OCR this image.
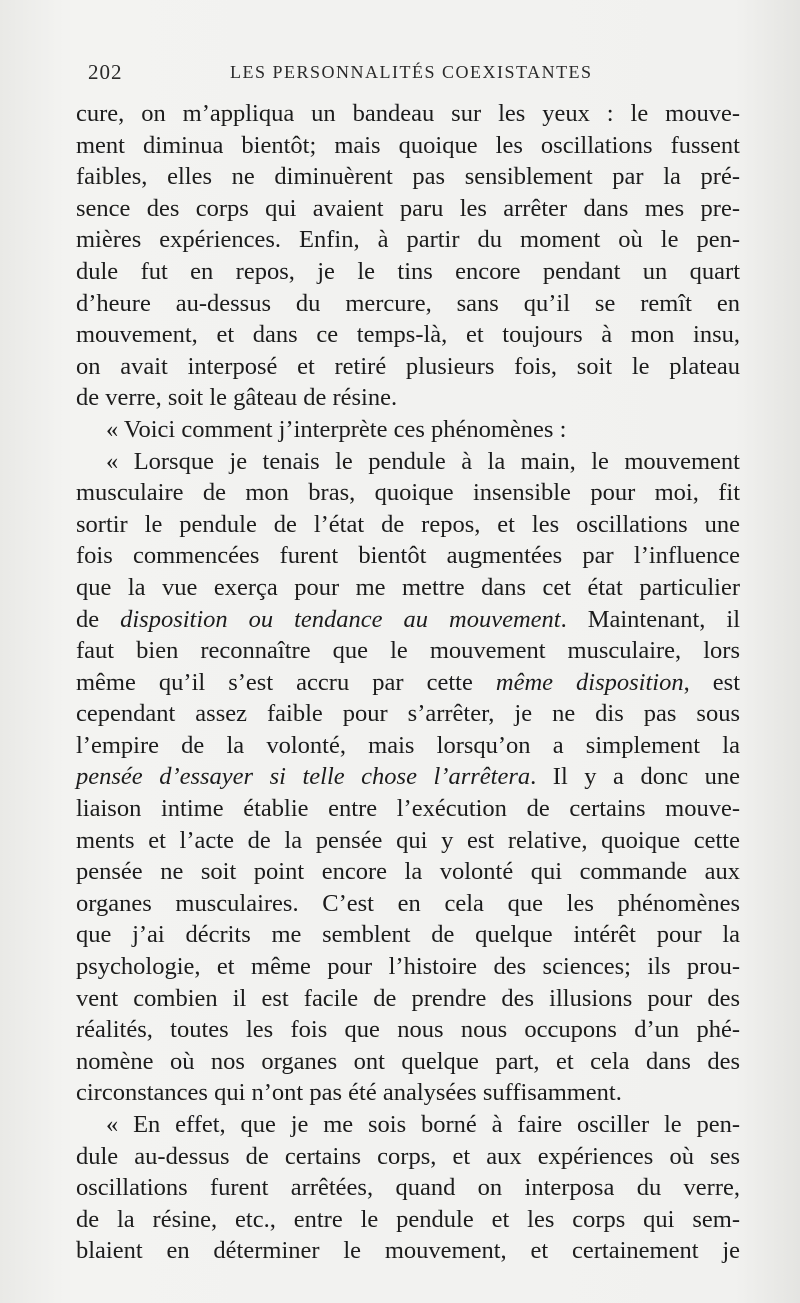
202	LES PERSONNALITÉS COEXISTANTES
cure, on m’appliqua un bandeau sur les yeux : le mouve-
ment diminua bientôt; mais quoique les oscillations fussent
faibles, elles ne diminuèrent pas sensiblement par la pré-
sence des corps qui avaient paru les arrêter dans mes pre-
mières expériences. Enfin, à partir du moment où le pen-
dule fut en repos, je le tins encore pendant un quart
d’heure au-dessus du mercure, sans qu’il se remît en
mouvement, et dans ce temps-là, et toujours à mon insu,
on avait interposé et retiré plusieurs fois, soit le plateau
de verre, soit le gâteau de résine.
« Voici comment j’interprète ces phénomènes :
« Lorsque je tenais le pendule à la main, le mouvement
musculaire de mon bras, quoique insensible pour moi, fit
sortir le pendule de l’état de repos, et les oscillations une
fois commencées furent bientôt augmentées par l’influence
que la vue exerça pour me mettre dans cet état particulier
de disposition ou tendance au mouvement. Maintenant, il
faut bien reconnaître que le mouvement musculaire, lors
même qu’il s’est accru par cette même disposition, est
cependant assez faible pour s’arrêter, je ne dis pas sous
l’empire de la volonté, mais lorsqu’on a simplement la
pensée d’essayer si telle chose l’arrêtera. Il y a donc une
liaison intime établie entre l’exécution de certains mouve-
ments et l’acte de la pensée qui y est relative, quoique cette
pensée ne soit point encore la volonté qui commande aux
organes musculaires. C’est en cela que les phénomènes
que j’ai décrits me semblent de quelque intérêt pour la
psychologie, et même pour l’histoire des sciences; ils prou-
vent combien il est facile de prendre des illusions pour des
réalités, toutes les fois que nous nous occupons d’un phé-
nomène où nos organes ont quelque part, et cela dans des
circonstances qui n’ont pas été analysées suffisamment.
« En effet, que je me sois borné à faire osciller le pen-
dule au-dessus de certains corps, et aux expériences où ses
oscillations furent arrêtées, quand on interposa du verre,
de la résine, etc., entre le pendule et les corps qui sem-
blaient en déterminer le mouvement, et certainement je
